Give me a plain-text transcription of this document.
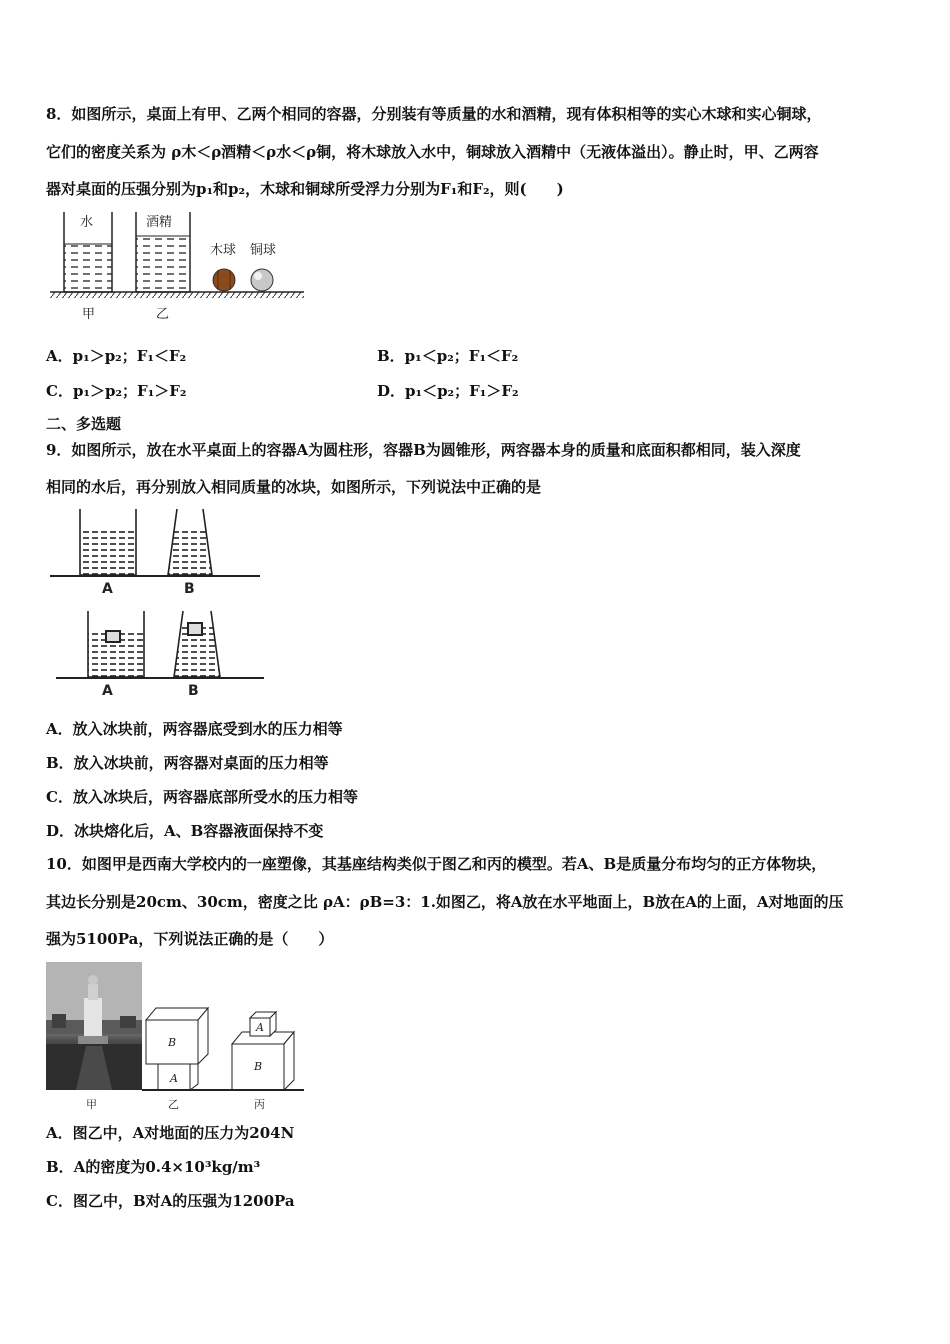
8．如图所示，桌面上有甲、乙两个相同的容器，分别装有等质量的水和酒精，现有体积相等的实心木球和实心铜球，
它们的密度关系为 ρ木＜ρ酒精＜ρ水＜ρ铜，将木球放入水中，铜球放入酒精中（无液体溢出）。静止时，甲、乙两容
器对桌面的压强分别为p₁和p₂，木球和铜球所受浮力分别为F₁和F₂，则(　　)
水	酒精
木球 铜球
甲	乙
A．p₁＞p₂；F₁＜F₂	B．p₁＜p₂；F₁＜F₂
C．p₁＞p₂；F₁＞F₂	D．p₁＜p₂；F₁＞F₂
二、多选题
9．如图所示，放在水平桌面上的容器A为圆柱形，容器B为圆锥形，两容器本身的质量和底面积都相同，装入深度
相同的水后，再分别放入相同质量的冰块，如图所示，下列说法中正确的是
A	B
A	B
A．放入冰块前，两容器底受到水的压力相等
B．放入冰块前，两容器对桌面的压力相等
C．放入冰块后，两容器底部所受水的压力相等
D．冰块熔化后，A、B容器液面保持不变
10．如图甲是西南大学校内的一座塑像，其基座结构类似于图乙和丙的模型。若A、B是质量分布均匀的正方体物块，
其边长分别是20cm、30cm，密度之比 ρA：ρB=3：1.如图乙，将A放在水平地面上，B放在A的上面，A对地面的压
强为5100Pa，下列说法正确的是（　　）
A
B
B
A
乙	丙
甲
A．图乙中，A对地面的压力为204N
B．A的密度为0.4×10³kg/m³
C．图乙中，B对A的压强为1200Pa
